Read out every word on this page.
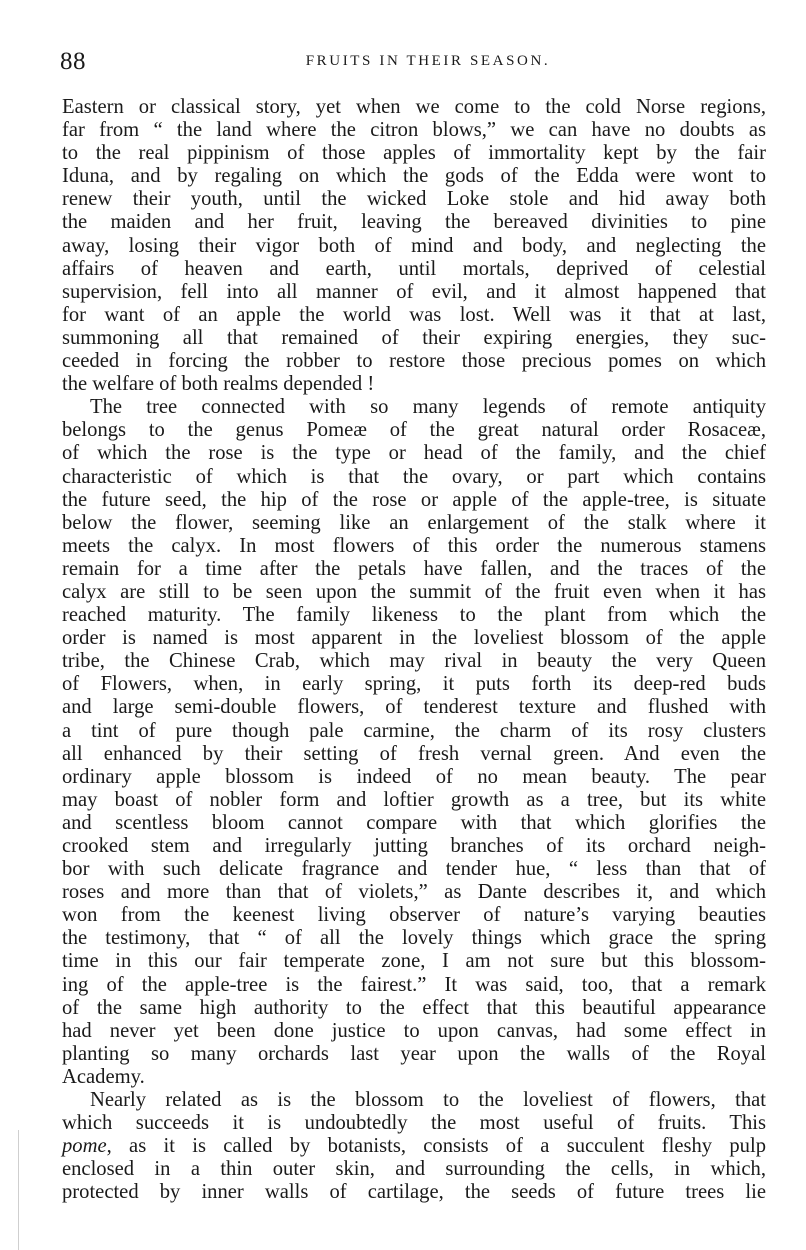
88	FRUITS IN THEIR SEASON.
Eastern or classical story, yet when we come to the cold Norse regions,
far from “ the land where the citron blows,” we can have no doubts as
to the real pippinism of those apples of immortality kept by the fair
Iduna, and by regaling on which the gods of the Edda were wont to
renew their youth, until the wicked Loke stole and hid away both
the maiden and her fruit, leaving the bereaved divinities to pine
away, losing their vigor both of mind and body, and neglecting the
affairs of heaven and earth, until mortals, deprived of celestial
supervision, fell into all manner of evil, and it almost happened that
for want of an apple the world was lost. Well was it that at last,
summoning all that remained of their expiring energies, they suc-
ceeded in forcing the robber to restore those precious pomes on which
the welfare of both realms depended !
The tree connected with so many legends of remote antiquity
belongs to the genus Pomeæ of the great natural order Rosaceæ,
of which the rose is the type or head of the family, and the chief
characteristic of which is that the ovary, or part which contains
the future seed, the hip of the rose or apple of the apple-tree, is situate
below the flower, seeming like an enlargement of the stalk where it
meets the calyx. In most flowers of this order the numerous stamens
remain for a time after the petals have fallen, and the traces of the
calyx are still to be seen upon the summit of the fruit even when it has
reached maturity. The family likeness to the plant from which the
order is named is most apparent in the loveliest blossom of the apple
tribe, the Chinese Crab, which may rival in beauty the very Queen
of Flowers, when, in early spring, it puts forth its deep-red buds
and large semi-double flowers, of tenderest texture and flushed with
a tint of pure though pale carmine, the charm of its rosy clusters
all enhanced by their setting of fresh vernal green. And even the
ordinary apple blossom is indeed of no mean beauty. The pear
may boast of nobler form and loftier growth as a tree, but its white
and scentless bloom cannot compare with that which glorifies the
crooked stem and irregularly jutting branches of its orchard neigh-
bor with such delicate fragrance and tender hue, “ less than that of
roses and more than that of violets,” as Dante describes it, and which
won from the keenest living observer of nature’s varying beauties
the testimony, that “ of all the lovely things which grace the spring
time in this our fair temperate zone, I am not sure but this blossom-
ing of the apple-tree is the fairest.” It was said, too, that a remark
of the same high authority to the effect that this beautiful appearance
had never yet been done justice to upon canvas, had some effect in
planting so many orchards last year upon the walls of the Royal
Academy.
Nearly related as is the blossom to the loveliest of flowers, that
which succeeds it is undoubtedly the most useful of fruits. This
pome, as it is called by botanists, consists of a succulent fleshy pulp
enclosed in a thin outer skin, and surrounding the cells, in which,
protected by inner walls of cartilage, the seeds of future trees lie
